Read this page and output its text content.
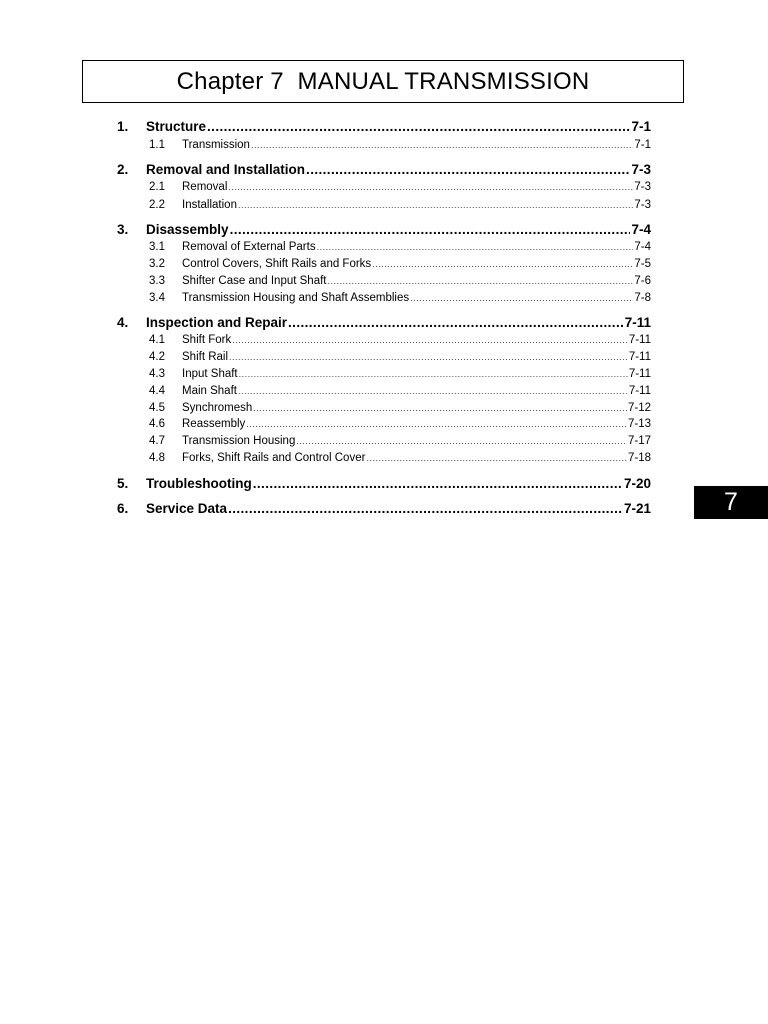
Chapter 7  MANUAL TRANSMISSION
1.	Structure .....	7-1
1.1	Transmission .....	7-1
2.	Removal and Installation .....	7-3
2.1	Removal .....	7-3
2.2	Installation .....	7-3
3.	Disassembly .....	7-4
3.1	Removal of External Parts .....	7-4
3.2	Control Covers, Shift Rails and Forks .....	7-5
3.3	Shifter Case and Input Shaft .....	7-6
3.4	Transmission Housing and Shaft Assemblies .....	7-8
4.	Inspection and Repair .....	7-11
4.1	Shift Fork .....	7-11
4.2	Shift Rail .....	7-11
4.3	Input Shaft .....	7-11
4.4	Main Shaft .....	7-11
4.5	Synchromesh .....	7-12
4.6	Reassembly .....	7-13
4.7	Transmission Housing .....	7-17
4.8	Forks, Shift Rails and Control Cover .....	7-18
5.	Troubleshooting .....	7-20
6.	Service Data .....	7-21	7
